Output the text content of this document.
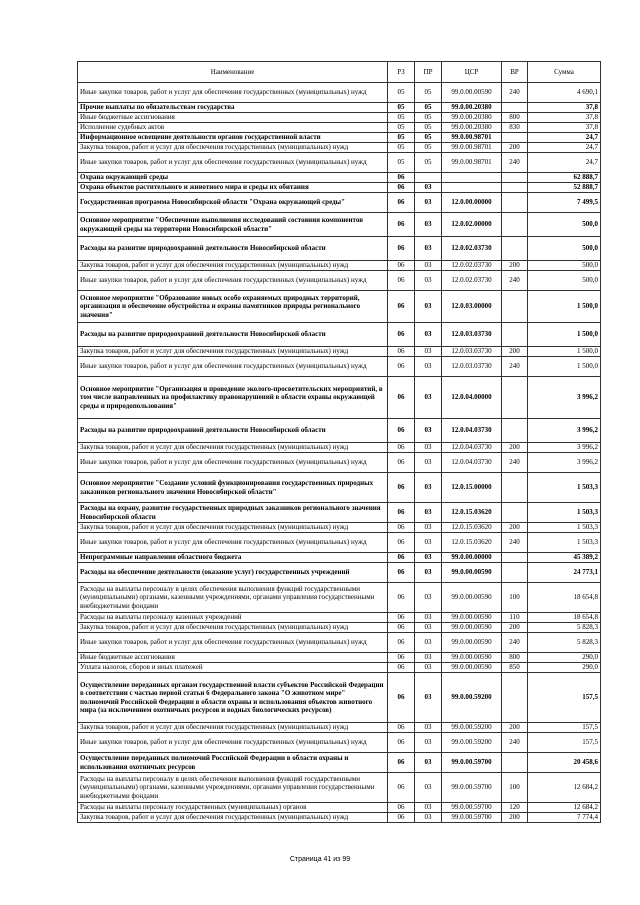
Наименование	РЗ	ПР	ЦСР	ВР	Сумма
Иные закупки товаров, работ и услуг для обеспечения государственных (муниципальных) нужд	05	05	99.0.00.00590	240	4 690,1
Прочие выплаты по обязательствам государства	05	05	99.0.00.20380		37,8
Иные бюджетные ассигнования	05	05	99.0.00.20380	800	37,8
Исполнение судебных актов	05	05	99.0.00.20380	830	37,8
Информационное освещение деятельности органов государственной власти	05	05	99.0.00.98701		24,7
Закупка товаров, работ и услуг для обеспечения государственных (муниципальных) нужд	05	05	99.0.00.98701	200	24,7
Иные закупки товаров, работ и услуг для обеспечения государственных (муниципальных) нужд	05	05	99.0.00.98701	240	24,7
Охрана окружающей среды	06				62 888,7
Охрана объектов растительного и животного мира и среды их обитания	06	03			52 888,7
Государственная программа Новосибирской области "Охрана окружающей среды"	06	03	12.0.00.00000		7 499,5
Основное мероприятие "Обеспечение выполнения исследований состояния компонентов окружающей среды на территории Новосибирской области"	06	03	12.0.02.00000		500,0
Расходы на развитие природоохранной деятельности Новосибирской области	06	03	12.0.02.03730		500,0
Закупка товаров, работ и услуг для обеспечения государственных (муниципальных) нужд	06	03	12.0.02.03730	200	500,0
Иные закупки товаров, работ и услуг для обеспечения государственных (муниципальных) нужд	06	03	12.0.02.03730	240	500,0
Основное мероприятие "Образование новых особо охраняемых природных территорий, организация и обеспечение обустройства и охраны памятников природы регионального значения"	06	03	12.0.03.00000		1 500,0
Расходы на развитие природоохранной деятельности Новосибирской области	06	03	12.0.03.03730		1 500,0
Закупка товаров, работ и услуг для обеспечения государственных (муниципальных) нужд	06	03	12.0.03.03730	200	1 500,0
Иные закупки товаров, работ и услуг для обеспечения государственных (муниципальных) нужд	06	03	12.0.03.03730	240	1 500,0
Основное мероприятие "Организация и проведение эколого-просветительских мероприятий, в том числе направленных на профилактику правонарушений в области охраны окружающей среды и природопользования"	06	03	12.0.04.00000		3 996,2
Расходы на развитие природоохранной деятельности Новосибирской области	06	03	12.0.04.03730		3 996,2
Закупка товаров, работ и услуг для обеспечения государственных (муниципальных) нужд	06	03	12.0.04.03730	200	3 996,2
Иные закупки товаров, работ и услуг для обеспечения государственных (муниципальных) нужд	06	03	12.0.04.03730	240	3 996,2
Основное мероприятие "Создание условий функционирования государственных природных заказников регионального значения Новосибирской области"	06	03	12.0.15.00000		1 503,3
Расходы на охрану, развитие государственных природных заказников регионального значения Новосибирской области	06	03	12.0.15.03620		1 503,3
Закупка товаров, работ и услуг для обеспечения государственных (муниципальных) нужд	06	03	12.0.15.03620	200	1 503,3
Иные закупки товаров, работ и услуг для обеспечения государственных (муниципальных) нужд	06	03	12.0.15.03620	240	1 503,3
Непрограммные направления областного бюджета	06	03	99.0.00.00000		45 389,2
Расходы на обеспечение деятельности (оказание услуг) государственных учреждений	06	03	99.0.00.00590		24 773,1
Расходы на выплаты персоналу в целях обеспечения выполнения функций государственными (муниципальными) органами, казенными учреждениями, органами управления государственными внебюджетными фондами	06	03	99.0.00.00590	100	18 654,8
Расходы на выплаты персоналу казенных учреждений	06	03	99.0.00.00590	110	18 654,8
Закупка товаров, работ и услуг для обеспечения государственных (муниципальных) нужд	06	03	99.0.00.00590	200	5 828,3
Иные закупки товаров, работ и услуг для обеспечения государственных (муниципальных) нужд	06	03	99.0.00.00590	240	5 828,3
Иные бюджетные ассигнования	06	03	99.0.00.00590	800	290,0
Уплата налогов, сборов и иных платежей	06	03	99.0.00.00590	850	290,0
Осуществление переданных органам государственной власти субъектов Российской Федерации в соответствии с частью первой статьи 6 Федерального закона "О животном мире" полномочий Российской Федерации в области охраны и использования объектов животного мира (за исключением охотничьих ресурсов и водных биологических ресурсов)	06	03	99.0.00.59200		157,5
Закупка товаров, работ и услуг для обеспечения государственных (муниципальных) нужд	06	03	99.0.00.59200	200	157,5
Иные закупки товаров, работ и услуг для обеспечения государственных (муниципальных) нужд	06	03	99.0.00.59200	240	157,5
Осуществление переданных полномочий Российской Федерации в области охраны и использования охотничьих ресурсов	06	03	99.0.00.59700		20 458,6
Расходы на выплаты персоналу в целях обеспечения выполнения функций государственными (муниципальными) органами, казенными учреждениями, органами управления государственными внебюджетными фондами	06	03	99.0.00.59700	100	12 684,2
Расходы на выплаты персоналу государственных (муниципальных) органов	06	03	99.0.00.59700	120	12 684,2
Закупка товаров, работ и услуг для обеспечения государственных (муниципальных) нужд	06	03	99.0.00.59700	200	7 774,4
Страница 41 из 99
